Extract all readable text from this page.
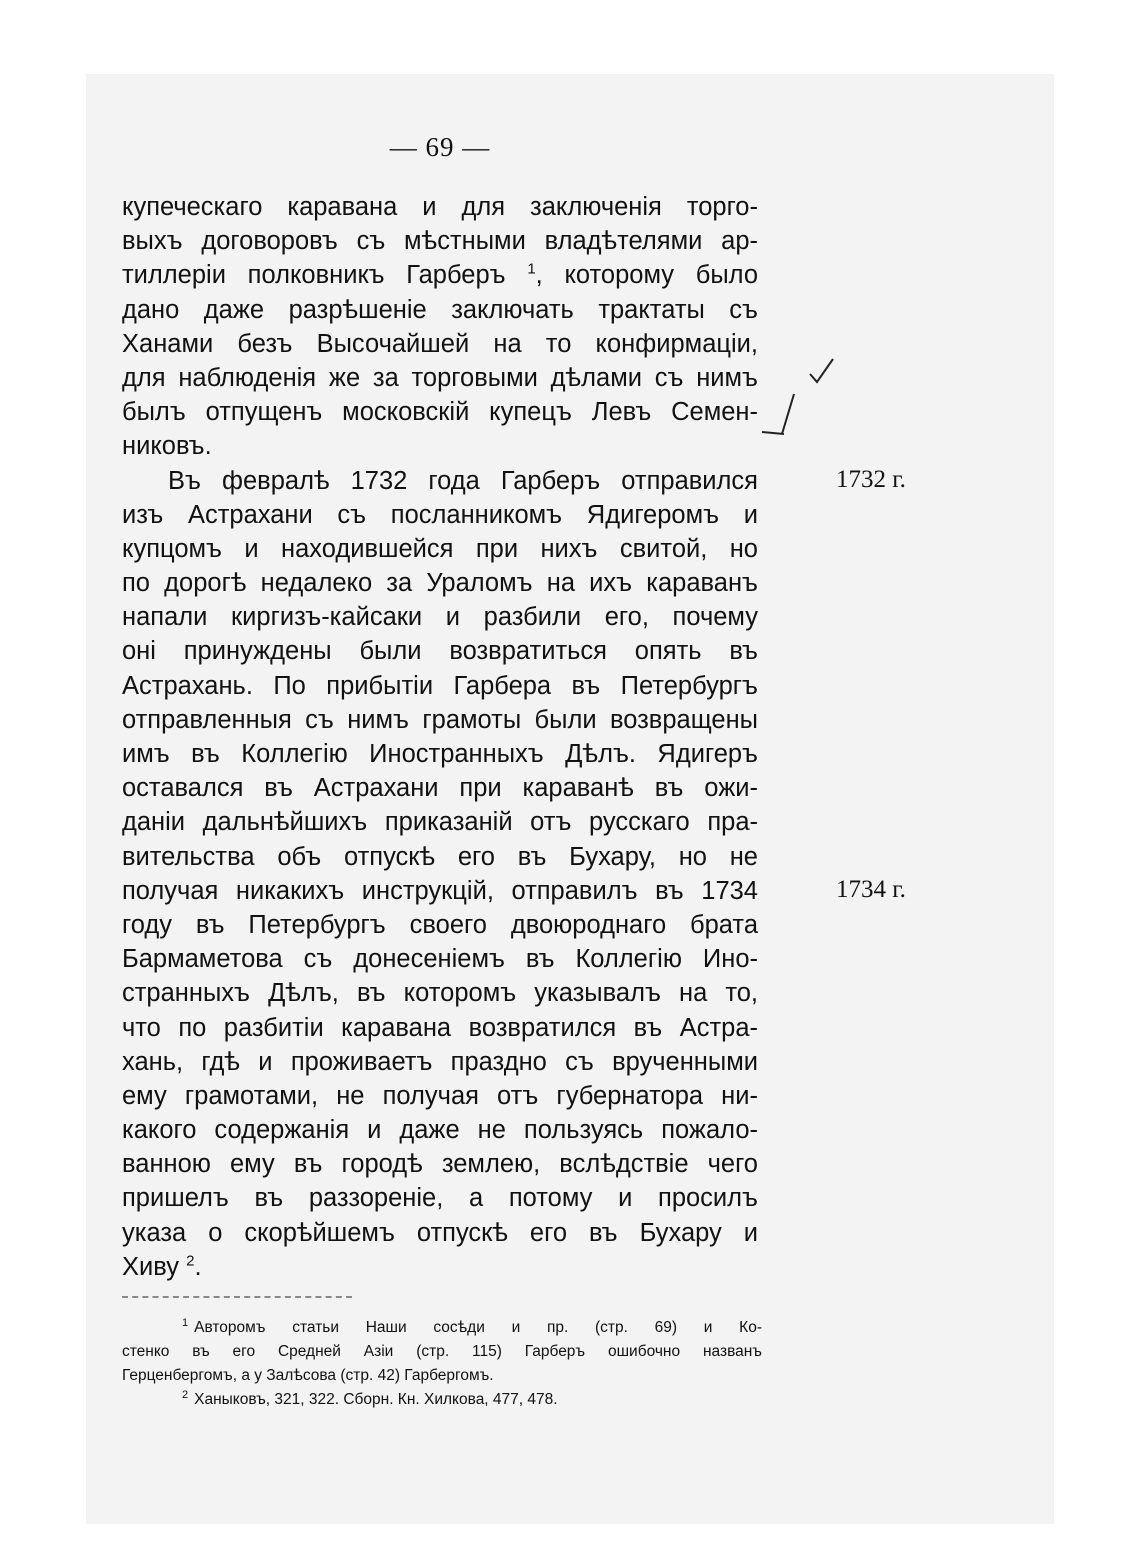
— 69 —
купеческаго каравана и для заключенія торго-
выхъ договоровъ съ мѣстными владѣтелями ар-
тиллеріи полковникъ Гарберъ $^1$, которому было
дано даже разрѣшеніе заключать трактаты съ
Ханами безъ Высочайшей на то конфирмаціи,
для наблюденія же за торговыми дѣлами съ нимъ
былъ отпущенъ московскій купецъ Левъ Семен-
никовъ.
Въ февралѣ 1732 года Гарберъ отправился
изъ Астрахани съ посланникомъ Ядигеромъ и
купцомъ и находившейся при нихъ свитой, но
по дорогѣ недалеко за Ураломъ на ихъ караванъ
напали киргизъ-кайсаки и разбили его, почему
оні принуждены были возвратиться опять въ
Астрахань. По прибытіи Гарбера въ Петербургъ
отправленныя съ нимъ грамоты были возвращены
имъ въ Коллегію Иностранныхъ Дѣлъ. Ядигеръ
оставался въ Астрахани при караванѣ въ ожи-
даніи дальнѣйшихъ приказаній отъ русскаго пра-
вительства объ отпускѣ его въ Бухару, но не
получая никакихъ инструкцій, отправилъ въ 1734
году въ Петербургъ своего двоюроднаго брата
Бармаметова съ донесеніемъ въ Коллегію Ино-
странныхъ Дѣлъ, въ которомъ указывалъ на то,
что по разбитіи каравана возвратился въ Астра-
хань, гдѣ и проживаетъ праздно съ врученными
ему грамотами, не получая отъ губернатора ни-
какого содержанія и даже не пользуясь пожало-
ванною ему въ городѣ землею, вслѣдствіе чего
пришелъ въ раззореніе, а потому и просилъ
указа о скорѣйшемъ отпускѣ его въ Бухару и
Хиву $^2$.
1732 г.
1734 г.
$^1$ Авторомъ статьи Наши сосѣди и пр. (стр. 69) и Ко-
стенко въ его Средней Азіи (стр. 115) Гарберъ ошибочно названъ
Герценбергомъ, а у Залѣсова (стр. 42) Гарбергомъ.
$^2$ Ханыковъ, 321, 322. Сборн. Кн. Хилкова, 477, 478.
